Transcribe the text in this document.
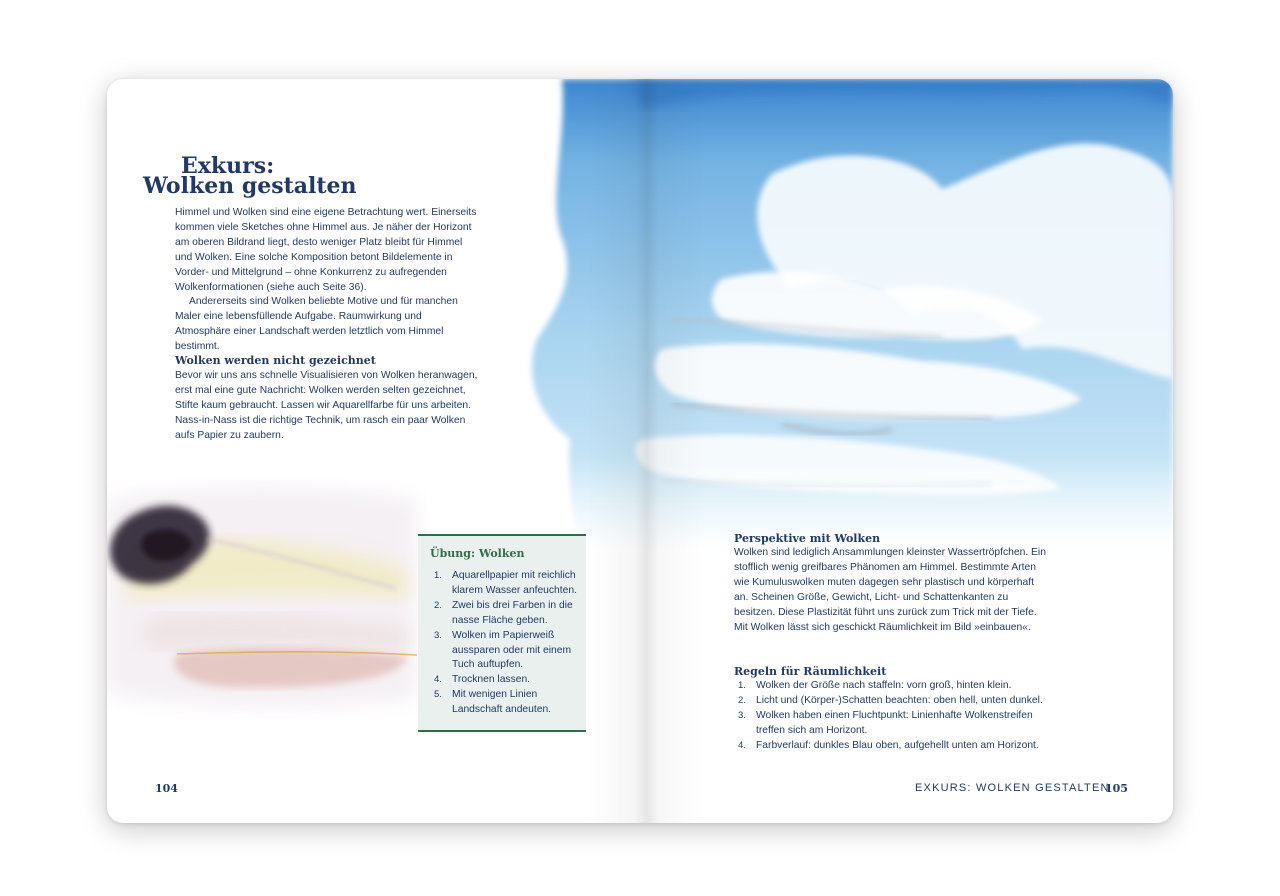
Exkurs:
Wolken gestalten

Himmel und Wolken sind eine eigene Betrachtung wert. Einerseits kommen viele Sketches ohne Himmel aus. Je näher der Horizont am oberen Bildrand liegt, desto weniger Platz bleibt für Himmel und Wolken. Eine solche Komposition betont Bildelemente in Vorder- und Mittelgrund – ohne Konkurrenz zu aufregenden Wolkenformationen (siehe auch Seite 36).

Andererseits sind Wolken beliebte Motive und für manchen Maler eine lebensfüllende Aufgabe. Raumwirkung und Atmosphäre einer Landschaft werden letztlich vom Himmel bestimmt.

Wolken werden nicht gezeichnet
Bevor wir uns ans schnelle Visualisieren von Wolken heranwagen, erst mal eine gute Nachricht: Wolken werden selten gezeichnet, Stifte kaum gebraucht. Lassen wir Aquarellfarbe für uns arbeiten. Nass-in-Nass ist die richtige Technik, um rasch ein paar Wolken aufs Papier zu zaubern.
Übung: Wolken
1. Aquarellpapier mit reichlich klarem Wasser anfeuchten.
2. Zwei bis drei Farben in die nasse Fläche geben.
3. Wolken im Papierweiß aussparen oder mit einem Tuch auftupfen.
4. Trocknen lassen.
5. Mit wenigen Linien Landschaft andeuten.
104
Perspektive mit Wolken
Wolken sind lediglich Ansammlungen kleinster Wassertröpfchen. Ein stofflich wenig greifbares Phänomen am Himmel. Bestimmte Arten wie Kumuluswolken muten dagegen sehr plastisch und körperhaft an. Scheinen Größe, Gewicht, Licht- und Schattenkanten zu besitzen. Diese Plastizität führt uns zurück zum Trick mit der Tiefe. Mit Wolken lässt sich geschickt Räumlichkeit im Bild »einbauen«.
Regeln für Räumlichkeit
1. Wolken der Größe nach staffeln: vorn groß, hinten klein.
2. Licht und (Körper-)Schatten beachten: oben hell, unten dunkel.
3. Wolken haben einen Fluchtpunkt: Linienhafte Wolkenstreifen treffen sich am Horizont.
4. Farbverlauf: dunkles Blau oben, aufgehellt unten am Horizont.
EXKURS: WOLKEN GESTALTEN
105
